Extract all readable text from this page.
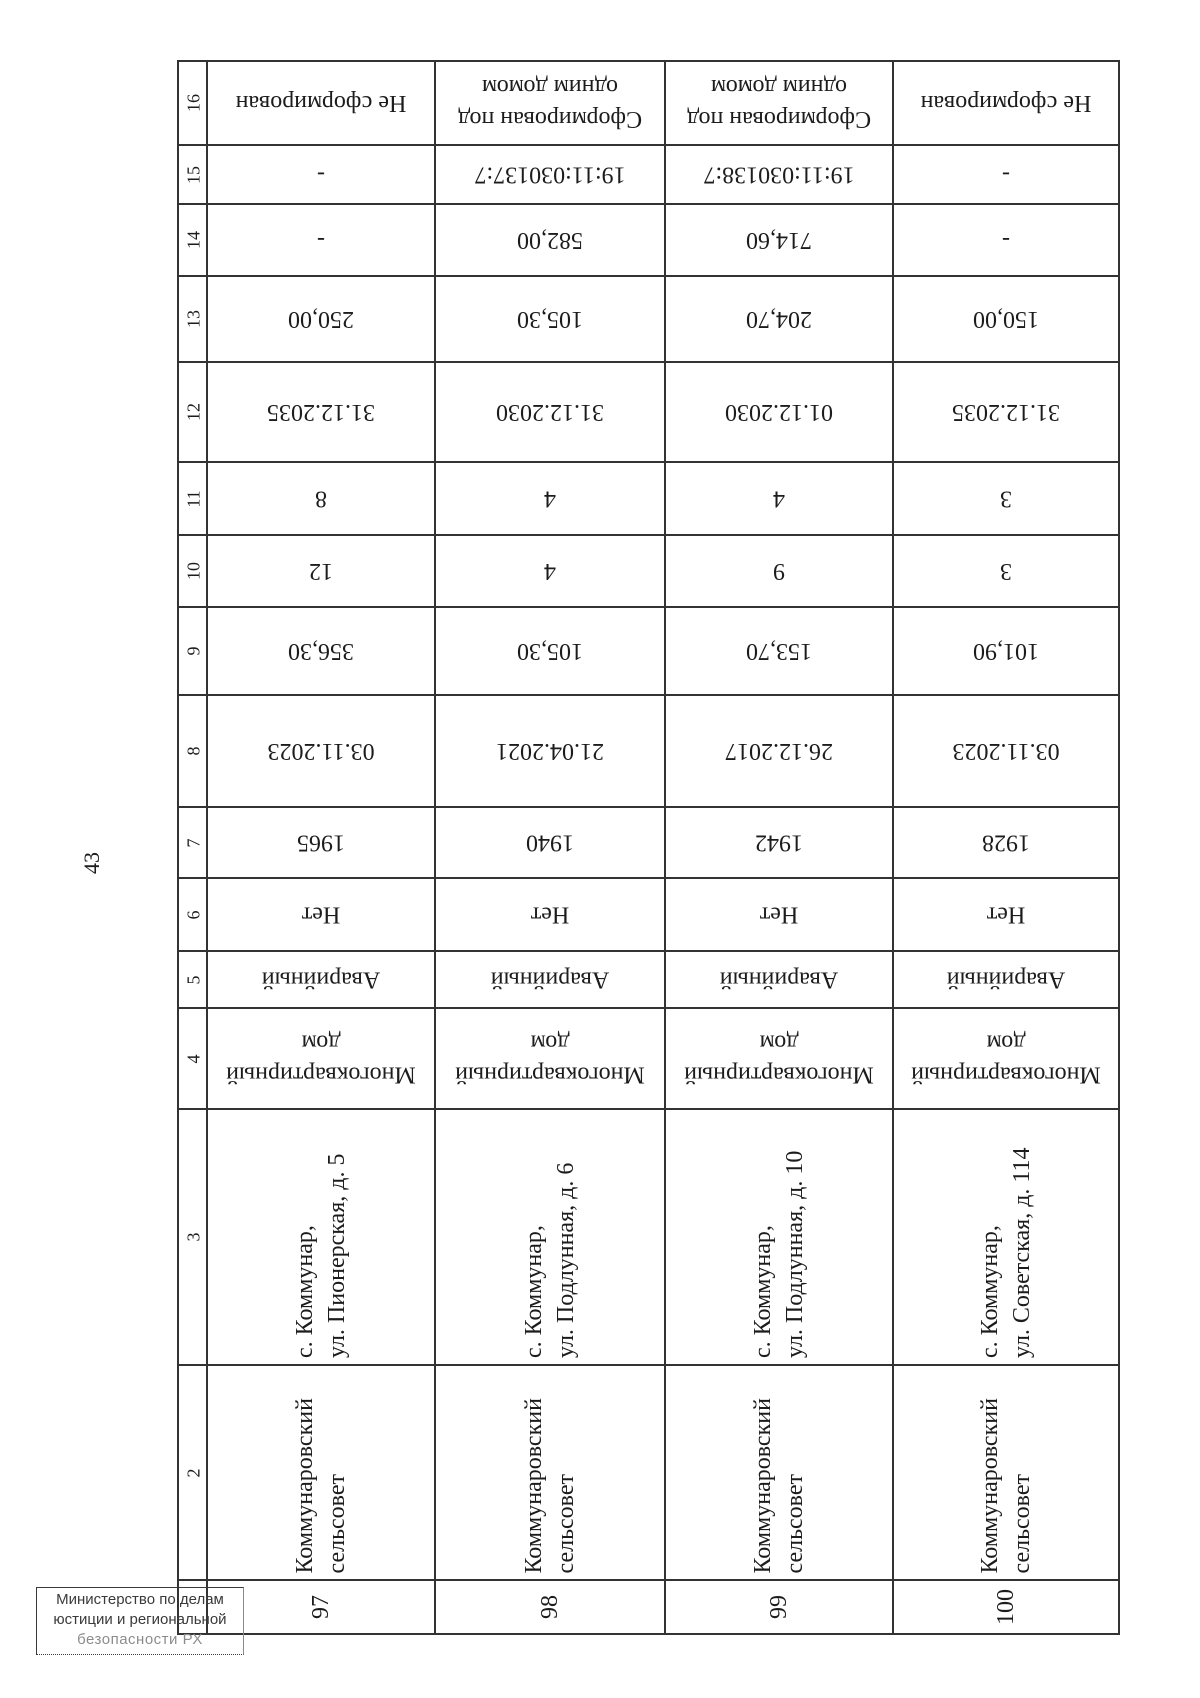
43
2
3
4
5
6
7
8
9
10
11
12
13
14
15
16
97
Коммунаровский сельсовет
с. Коммунар, ул. Пионерская, д. 5
Многоквартирный
дом
Аварийный
Нет
1965
03.11.2023
356,30
12
8
31.12.2035
250,00
-
-
Не сформирован
98
Коммунаровский сельсовет
с. Коммунар, ул. Подлунная, д. 6
Многоквартирный
дом
Аварийный
Нет
1940
21.04.2021
105,30
4
4
31.12.2030
105,30
582,00
19:11:030137:7
Сформирован под
одним домом
99
Коммунаровский сельсовет
с. Коммунар, ул. Подлунная, д. 10
Многоквартирный
дом
Аварийный
Нет
1942
26.12.2017
153,70
9
4
01.12.2030
204,70
714,60
19:11:030138:7
Сформирован под
одним домом
100
Коммунаровский сельсовет
с. Коммунар, ул. Советская, д. 114
Многоквартирный
дом
Аварийный
Нет
1928
03.11.2023
101,90
3
3
31.12.2035
150,00
-
-
Не сформирован
Министерство по делам
юстиции и региональной
безопасности РХ
